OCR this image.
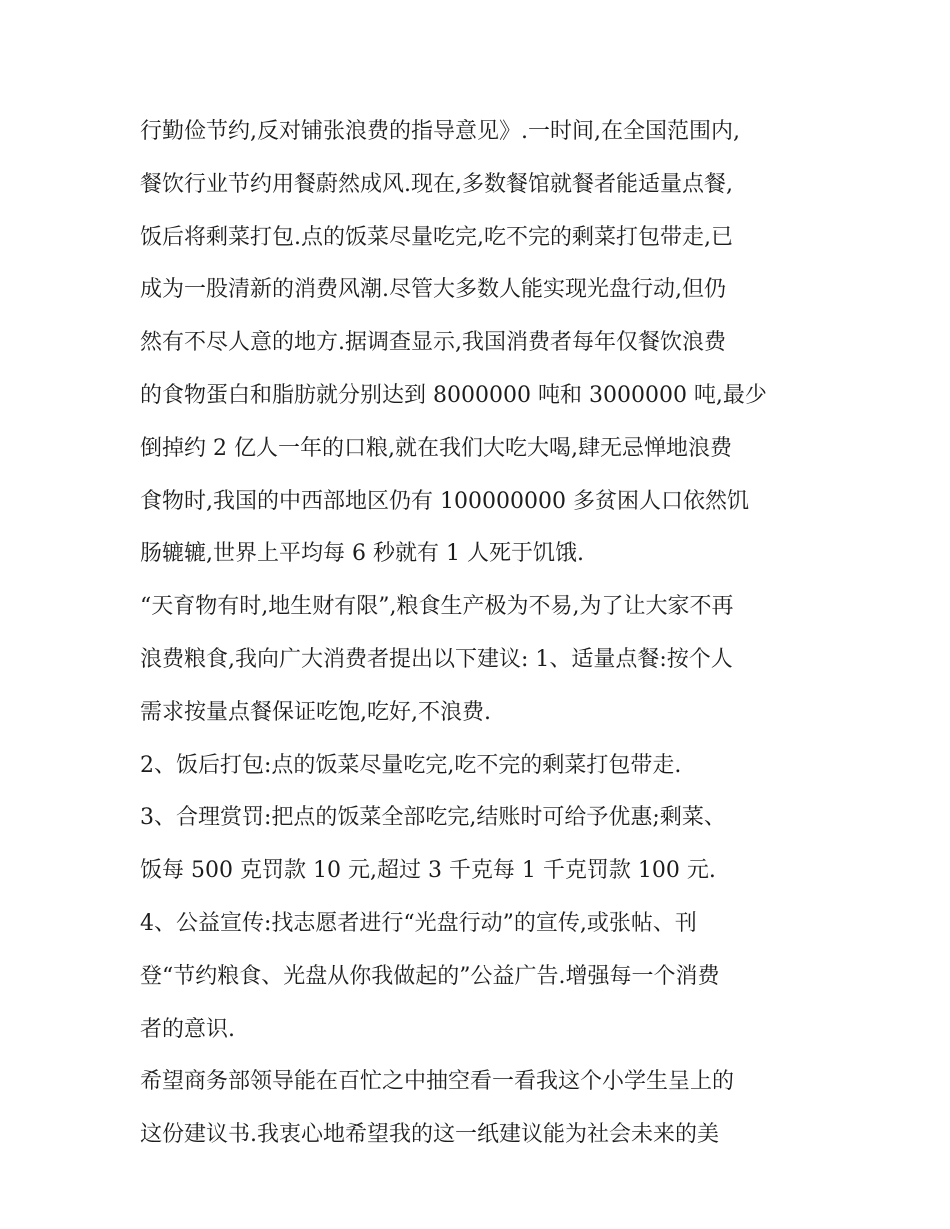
行勤俭节约,反对铺张浪费的指导意见》.一时间,在全国范围内,
餐饮行业节约用餐蔚然成风.现在,多数餐馆就餐者能适量点餐,
饭后将剩菜打包.点的饭菜尽量吃完,吃不完的剩菜打包带走,已
成为一股清新的消费风潮.尽管大多数人能实现光盘行动,但仍
然有不尽人意的地方.据调查显示,我国消费者每年仅餐饮浪费
的食物蛋白和脂肪就分别达到 8000000 吨和 3000000 吨,最少
倒掉约 2 亿人一年的口粮,就在我们大吃大喝,肆无忌惮地浪费
食物时,我国的中西部地区仍有 100000000 多贫困人口依然饥
肠辘辘,世界上平均每 6 秒就有 1 人死于饥饿.
“天育物有时,地生财有限”,粮食生产极为不易,为了让大家不再
浪费粮食,我向广大消费者提出以下建议: 1、适量点餐:按个人
需求按量点餐保证吃饱,吃好,不浪费.
2、饭后打包:点的饭菜尽量吃完,吃不完的剩菜打包带走.
3、合理赏罚:把点的饭菜全部吃完,结账时可给予优惠;剩菜、
饭每 500 克罚款 10 元,超过 3 千克每 1 千克罚款 100 元.
4、公益宣传:找志愿者进行“光盘行动”的宣传,或张帖、刊
登“节约粮食、光盘从你我做起的”公益广告.增强每一个消费
者的意识.
希望商务部领导能在百忙之中抽空看一看我这个小学生呈上的
这份建议书.我衷心地希望我的这一纸建议能为社会未来的美
